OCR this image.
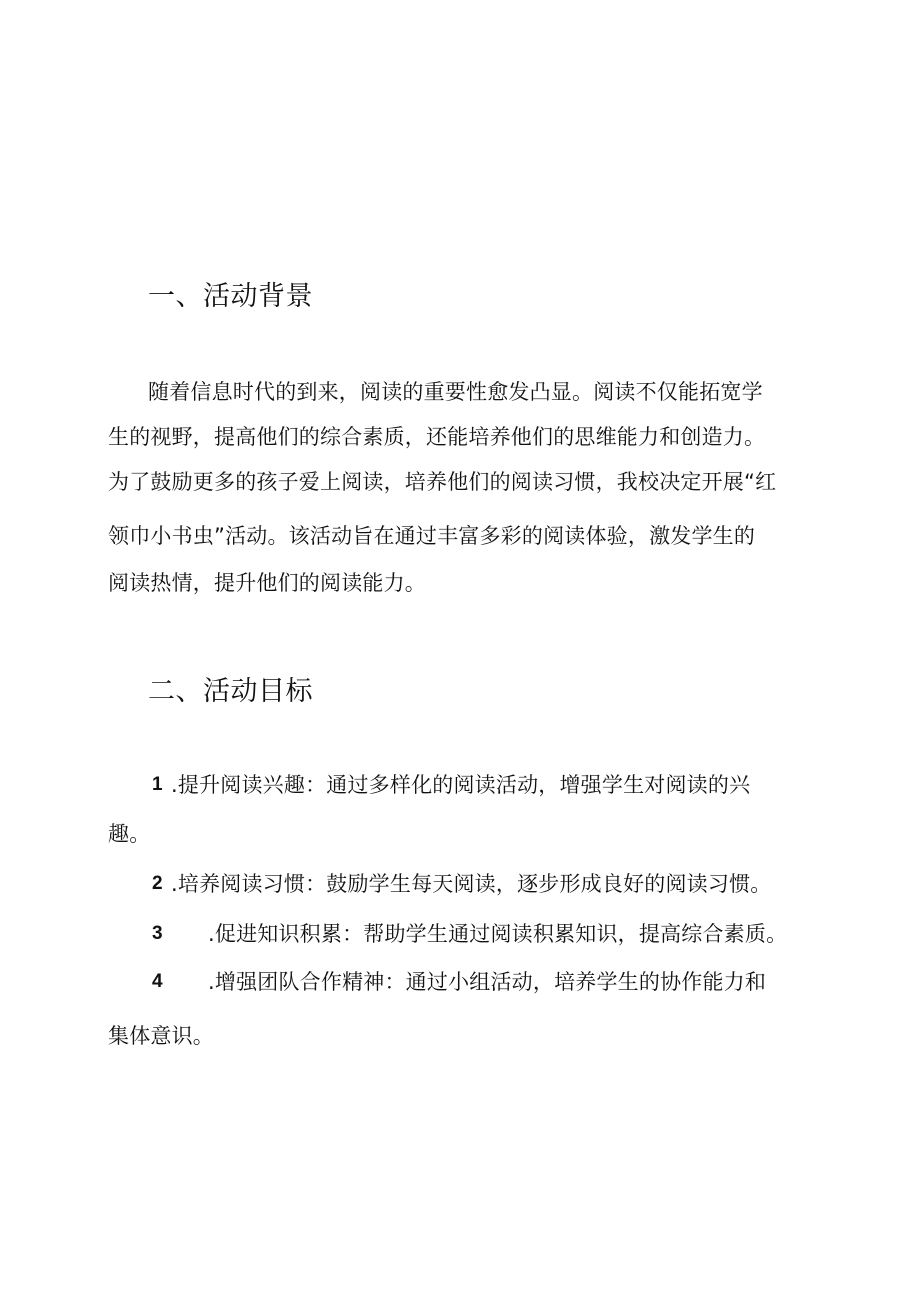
一、活动背景
随着信息时代的到来，阅读的重要性愈发凸显。阅读不仅能拓宽学
生的视野，提高他们的综合素质，还能培养他们的思维能力和创造力。
为了鼓励更多的孩子爱上阅读，培养他们的阅读习惯，我校决定开展“红
领巾小书虫”活动。该活动旨在通过丰富多彩的阅读体验，激发学生的
阅读热情，提升他们的阅读能力。
二、活动目标
1 .提升阅读兴趣：通过多样化的阅读活动，增强学生对阅读的兴
趣。
2 .培养阅读习惯：鼓励学生每天阅读，逐步形成良好的阅读习惯。
3 .促进知识积累：帮助学生通过阅读积累知识，提高综合素质。
4 .增强团队合作精神：通过小组活动，培养学生的协作能力和
集体意识。
